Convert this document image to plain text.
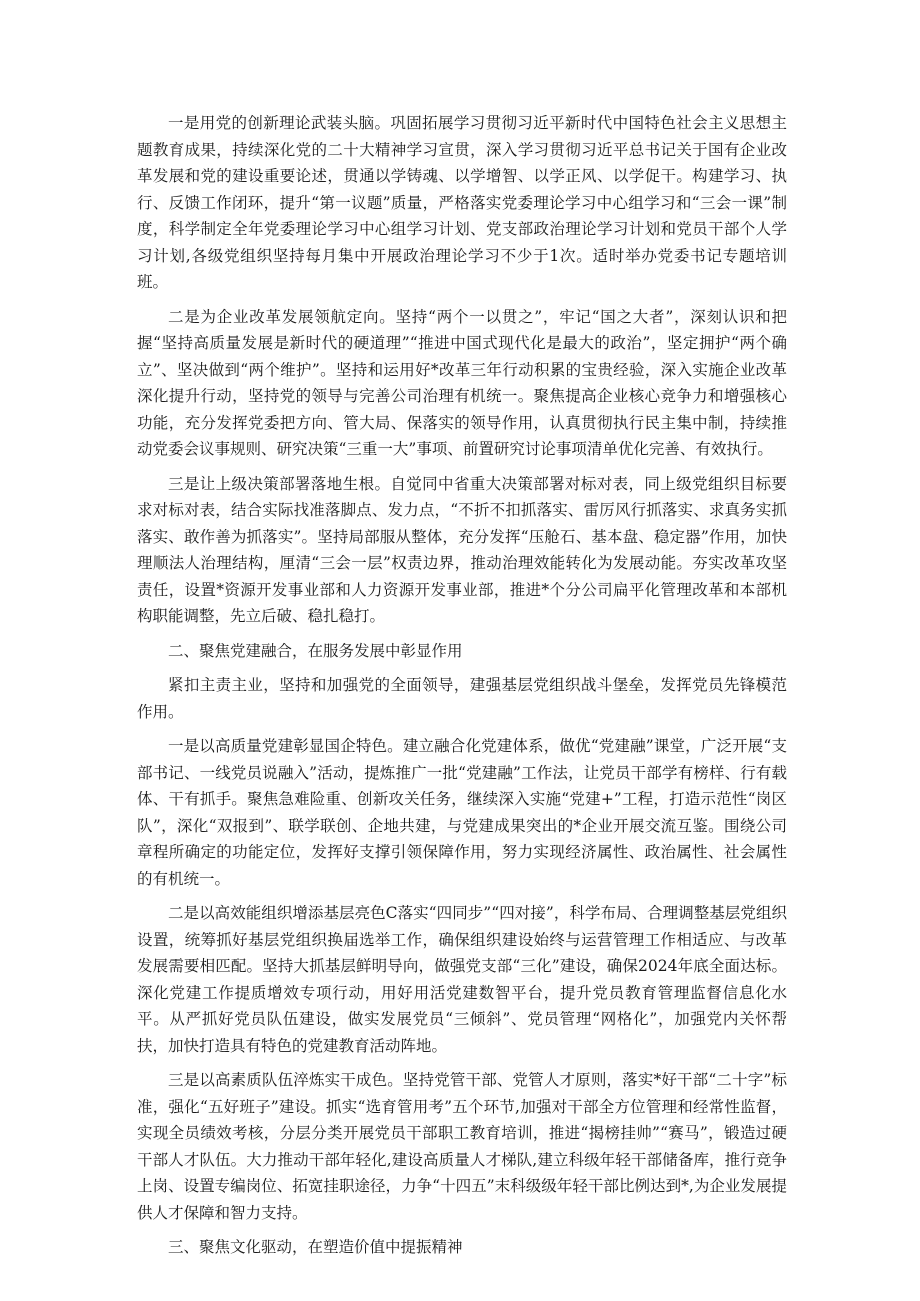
一是用党的创新理论武装头脑。巩固拓展学习贯彻习近平新时代中国特色社会主义思想主题教育成果，持续深化党的二十大精神学习宣贯，深入学习贯彻习近平总书记关于国有企业改革发展和党的建设重要论述，贯通以学铸魂、以学增智、以学正风、以学促干。构建学习、执行、反馈工作闭环，提升“第一议题”质量，严格落实党委理论学习中心组学习和“三会一课”制度，科学制定全年党委理论学习中心组学习计划、党支部政治理论学习计划和党员干部个人学习计划,各级党组织坚持每月集中开展政治理论学习不少于1次。适时举办党委书记专题培训班。

二是为企业改革发展领航定向。坚持“两个一以贯之”，牢记“国之大者”，深刻认识和把握“坚持高质量发展是新时代的硬道理”“推进中国式现代化是最大的政治”，坚定拥护“两个确立”、坚决做到“两个维护”。坚持和运用好*改革三年行动积累的宝贵经验，深入实施企业改革深化提升行动，坚持党的领导与完善公司治理有机统一。聚焦提高企业核心竞争力和增强核心功能，充分发挥党委把方向、管大局、保落实的领导作用，认真贯彻执行民主集中制，持续推动党委会议事规则、研究决策“三重一大”事项、前置研究讨论事项清单优化完善、有效执行。

三是让上级决策部署落地生根。自觉同中省重大决策部署对标对表，同上级党组织目标要求对标对表，结合实际找准落脚点、发力点，“不折不扣抓落实、雷厉风行抓落实、求真务实抓落实、敢作善为抓落实”。坚持局部服从整体，充分发挥“压舱石、基本盘、稳定器”作用，加快理顺法人治理结构，厘清“三会一层”权责边界，推动治理效能转化为发展动能。夯实改革攻坚责任，设置*资源开发事业部和人力资源开发事业部，推进*个分公司扁平化管理改革和本部机构职能调整，先立后破、稳扎稳打。

二、聚焦党建融合，在服务发展中彰显作用

紧扣主责主业，坚持和加强党的全面领导，建强基层党组织战斗堡垒，发挥党员先锋模范作用。

一是以高质量党建彰显国企特色。建立融合化党建体系，做优“党建融”课堂，广泛开展“支部书记、一线党员说融入”活动，提炼推广一批“党建融”工作法，让党员干部学有榜样、行有载体、干有抓手。聚焦急难险重、创新攻关任务，继续深入实施“党建+”工程，打造示范性“岗区队”，深化“双报到”、联学联创、企地共建，与党建成果突出的*企业开展交流互鉴。围绕公司章程所确定的功能定位，发挥好支撑引领保障作用，努力实现经济属性、政治属性、社会属性的有机统一。

二是以高效能组织增添基层亮色C落实“四同步”“四对接”，科学布局、合理调整基层党组织设置，统筹抓好基层党组织换届选举工作，确保组织建设始终与运营管理工作相适应、与改革发展需要相匹配。坚持大抓基层鲜明导向，做强党支部“三化”建设，确保2024年底全面达标。深化党建工作提质增效专项行动，用好用活党建数智平台，提升党员教育管理监督信息化水平。从严抓好党员队伍建设，做实发展党员“三倾斜”、党员管理“网格化”，加强党内关怀帮扶，加快打造具有特色的党建教育活动阵地。

三是以高素质队伍淬炼实干成色。坚持党管干部、党管人才原则，落实*好干部“二十字”标准，强化“五好班子”建设。抓实“选育管用考”五个环节,加强对干部全方位管理和经常性监督，实现全员绩效考核，分层分类开展党员干部职工教育培训，推进“揭榜挂帅”“赛马”，锻造过硬干部人才队伍。大力推动干部年轻化,建设高质量人才梯队,建立科级年轻干部储备库，推行竞争上岗、设置专编岗位、拓宽挂职途径，力争“十四五”末科级级年轻干部比例达到*,为企业发展提供人才保障和智力支持。

三、聚焦文化驱动，在塑造价值中提振精神
